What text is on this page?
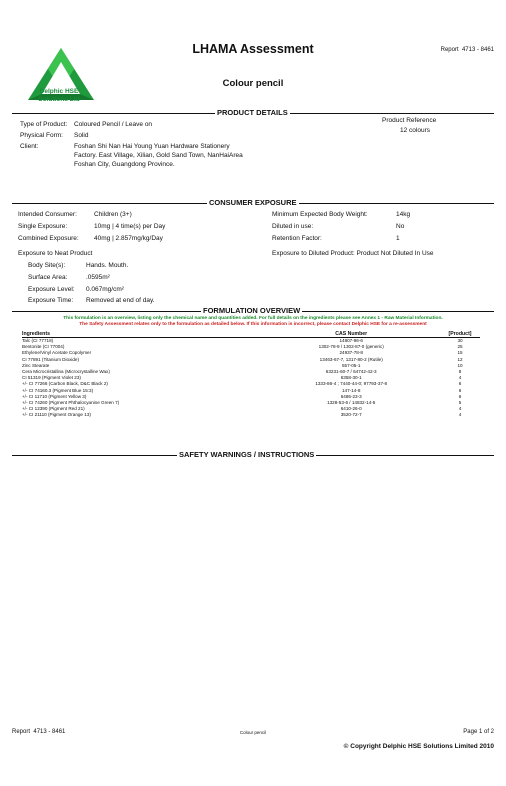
Delphic HSE
Solutions Ltd
LHAMA Assessment	Report 4713 - 8461
Colour pencil
PRODUCT DETAILS
Type of Product: Coloured Pencil / Leave on
Physical Form: Solid
Client:	Foshan Shi Nan Hai Young Yuan Hardware Stationery
Factory. East Village, Xilian, Gold Sand Town, NanHaiArea
Foshan City, Guangdong Province.
Product Reference
12 colours
CONSUMER EXPOSURE
Intended Consumer:	Children (3+)
Single Exposure:	10mg | 4 time(s) per Day
Combined Exposure: 40mg | 2.857mg/kg/Day
Minimum Expected Body Weight:	14kg
Diluted in use:	No
Retention Factor:	1
Exposure to Neat Product	Exposure to Diluted Product: Product Not Diluted In Use
Body Site(s):	Hands. Mouth.
Surface Area:	.0595m²
Exposure Level: 0.067mg/cm²
Exposure Time: Removed at end of day.
FORMULATION OVERVIEW
This formulation is an overview, listing only the chemical name and quantities added. For full details on the ingredients please see Annex 1 - Raw Material Information.
The Safety Assessment relates only to the formulation as detailed below. If this information is incorrect, please contact Delphic HSE for a re-assessment
Ingredients	CAS Number	[Product]
Talc (CI 77718)	14807-96-6	30
Bentonite (CI 77004)	1302-78-9 / 1302-87-0 (generic)	25
Ethylene/Vinyl Acetate Copolymer	24937-78-8	15
CI 77891 (Titanium Dioxide)	13463-67-7, 1317-80-2 (Rutile)	12
Zinc Stearate	557-05-1	10
Cera Microcristallina (Microcrystalline Wax)	63231-60-7 / 64742-42-3	8
CI 51319 (Pigment Violet 23)	6358-30-1	4
+/- CI 77266 (Carbon Black, D&C Black 2)	1333-86-4 ; 7440-44-0; 97793-37-8	6
+/- CI 74160.3 (Pigment Blue 15:3)	147-14-8	6
+/- CI 11710 (Pigment Yellow 3)	6486-23-3	6
+/- CI 74260 (Pigment Phthalocyanine Green 7)	1328-53-6 / 14832-14-5	5
+/- CI 12390 (Pigment Red 21)	6410-26-0	4
+/- CI 21110 (Pigment Orange 13)	3520-72-7	4
SAFETY WARNINGS / INSTRUCTIONS
Report 4713 - 8461	Colour pencil	Page 1 of 2
© Copyright Delphic HSE Solutions Limited 2010
